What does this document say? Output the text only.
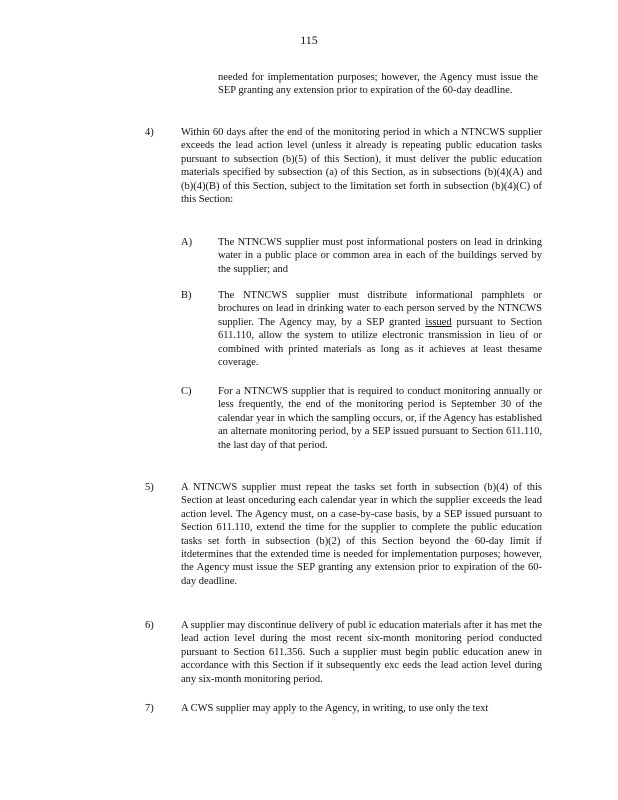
115
needed for implementation purposes; however, the Agency must issue the SEP granting any extension prior to expiration of the 60-day deadline.
4)	Within 60 days after the end of the monitoring period in which a NTNCWS supplier exceeds the lead action level (unless it already is repeating public education tasks pursuant to subsection (b)(5) of this Section), it must deliver the public education materials specified by subsection (a) of this Section, as in subsections (b)(4)(A) and (b)(4)(B) of this Section, subject to the limitation set forth in subsection (b)(4)(C) of this Section:
A) The NTNCWS supplier must post informational posters on lead in drinking water in a public place or common area in each of the buildings served by the supplier; and
B)	The NTNCWS supplier must distribute informational pamphlets or brochures on lead in drinking water to each person served by the NTNCWS supplier. The Agency may, by a SEP granted issued pursuant to Section 611.110, allow the system to utilize electronic transmission in lieu of or combined with printed materials as long as it achieves at least thesame coverage.
C)	For a NTNCWS supplier that is required to conduct monitoring annually or less frequently, the end of the monitoring period is September 30 of the calendar year in which the sampling occurs, or, if the Agency has established an alternate monitoring period, by a SEP issued pursuant to Section 611.110, the last day of that period.
5)	A NTNCWS supplier must repeat the tasks set forth in subsection (b)(4) of this Section at least onceduring each calendar year in which the supplier exceeds the lead action level. The Agency must, on a case-by-case basis, by a SEP issued pursuant to Section 611.110, extend the time for the supplier to complete the public education tasks set forth in subsection (b)(2) of this Section beyond the 60-day limit if itdetermines that the extended time is needed for implementation purposes; however, the Agency must issue the SEP granting any extension prior to expiration of the 60-day deadline.
6)	A supplier may discontinue delivery of publ ic education materials after it has met the lead action level during the most recent six-month monitoring period conducted pursuant to Section 611.356. Such a supplier must begin public education anew in accordance with this Section if it subsequently exc eeds the lead action level during any six-month monitoring period.
7)	A CWS supplier may apply to the Agency, in writing, to use only the text
